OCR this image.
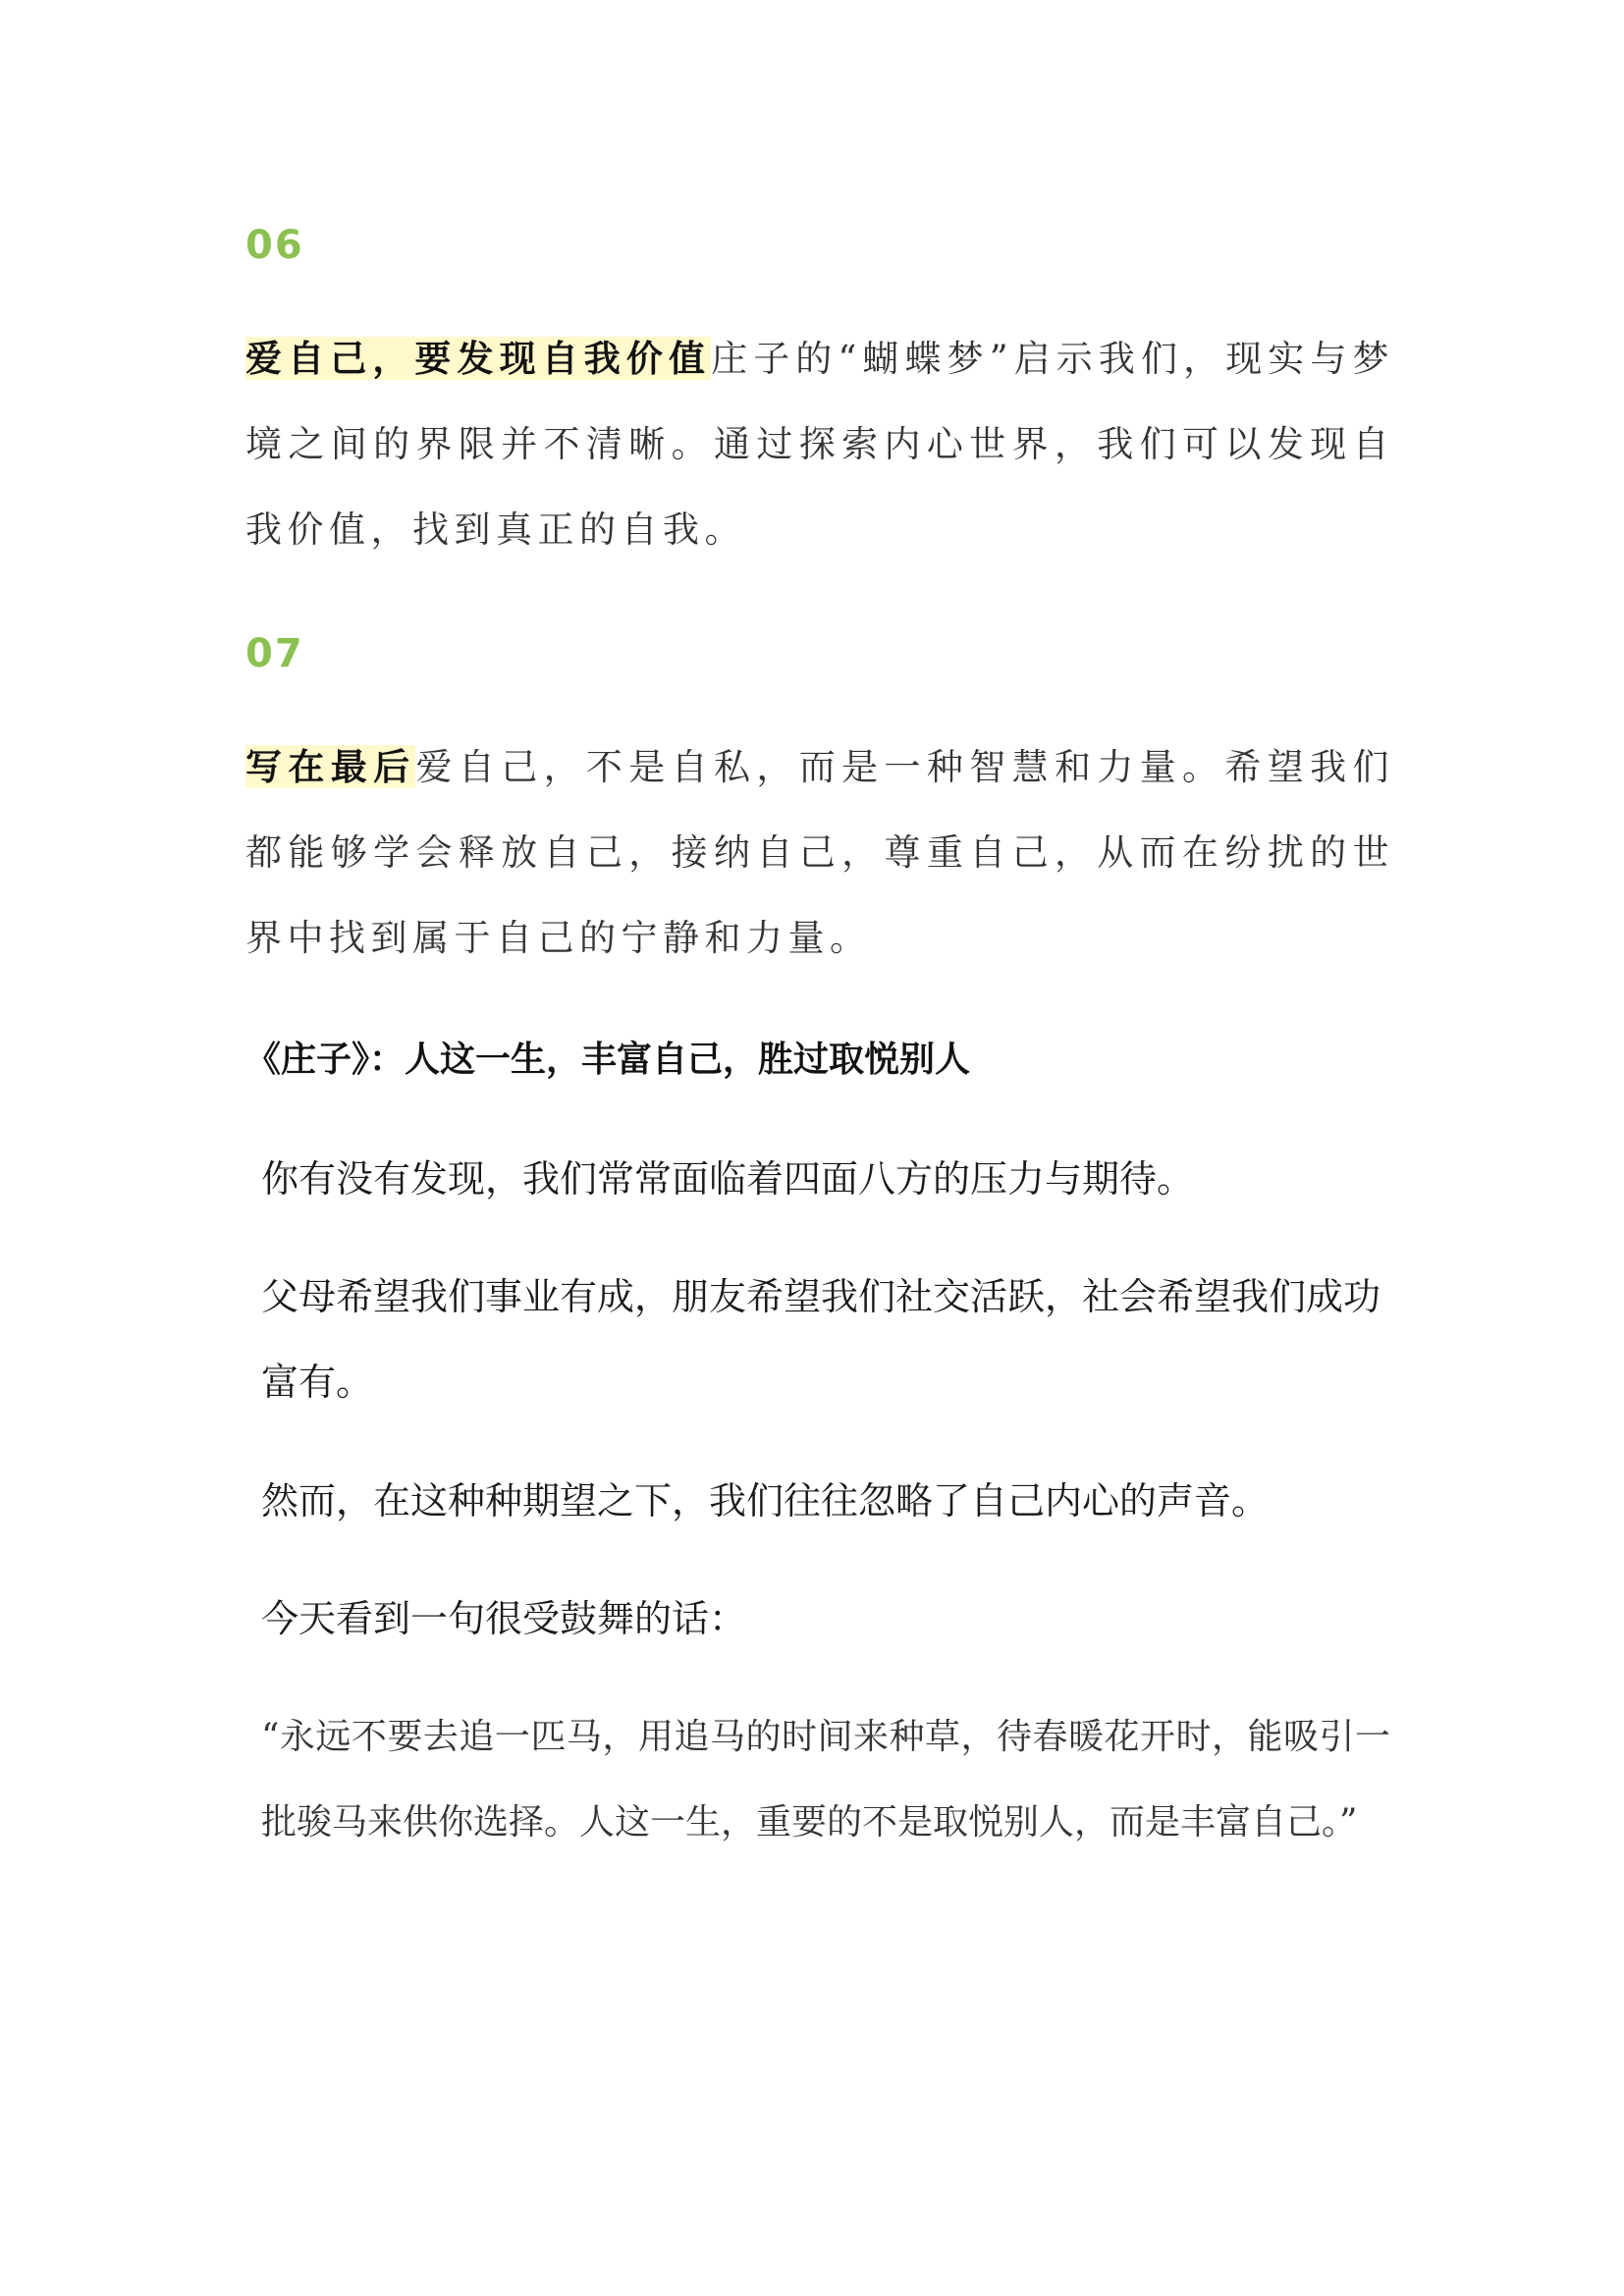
06

爱自己，要发现自我价值庄子的“蝴蝶梦”启示我们，现实与梦境之间的界限并不清晰。通过探索内心世界，我们可以发现自我价值，找到真正的自我。

07

写在最后爱自己，不是自私，而是一种智慧和力量。希望我们都能够学会释放自己，接纳自己，尊重自己，从而在纷扰的世界中找到属于自己的宁静和力量。

《庄子》：人这一生，丰富自己，胜过取悦别人

你有没有发现，我们常常面临着四面八方的压力与期待。

父母希望我们事业有成，朋友希望我们社交活跃，社会希望我们成功富有。

然而，在这种种期望之下，我们往往忽略了自己内心的声音。

今天看到一句很受鼓舞的话：

“永远不要去追一匹马，用追马的时间来种草，待春暖花开时，能吸引一批骏马来供你选择。人这一生，重要的不是取悦别人，而是丰富自己。”
